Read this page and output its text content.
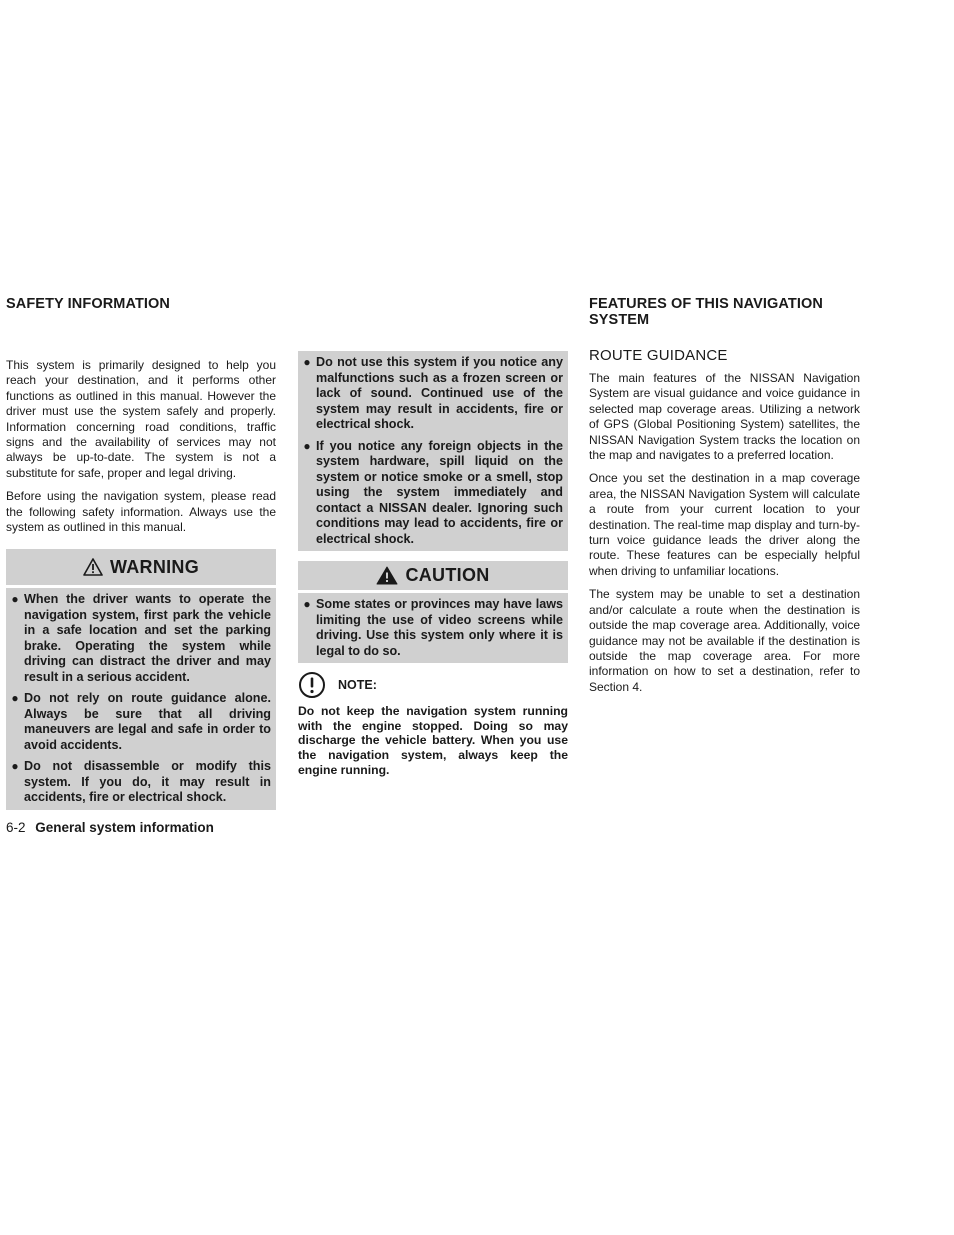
SAFETY INFORMATION

This system is primarily designed to help you reach your destination, and it performs other functions as outlined in this manual. However the driver must use the system safely and properly. Information concerning road conditions, traffic signs and the availability of services may not always be up-to-date. The system is not a substitute for safe, proper and legal driving.

Before using the navigation system, please read the following safety information. Always use the system as outlined in this manual.

WARNING
● When the driver wants to operate the navigation system, first park the vehicle in a safe location and set the parking brake. Operating the system while driving can distract the driver and may result in a serious accident.
● Do not rely on route guidance alone. Always be sure that all driving maneuvers are legal and safe in order to avoid accidents.
● Do not disassemble or modify this system. If you do, it may result in accidents, fire or electrical shock.
● Do not use this system if you notice any malfunctions such as a frozen screen or lack of sound. Continued use of the system may result in accidents, fire or electrical shock.
● If you notice any foreign objects in the system hardware, spill liquid on the system or notice smoke or a smell, stop using the system immediately and contact a NISSAN dealer. Ignoring such conditions may lead to accidents, fire or electrical shock.
CAUTION
● Some states or provinces may have laws limiting the use of video screens while driving. Use this system only where it is legal to do so.
NOTE:
Do not keep the navigation system running with the engine stopped. Doing so may discharge the vehicle battery. When you use the navigation system, always keep the engine running.
FEATURES OF THIS NAVIGATION SYSTEM
ROUTE GUIDANCE

The main features of the NISSAN Navigation System are visual guidance and voice guidance in selected map coverage areas. Utilizing a network of GPS (Global Positioning System) satellites, the NISSAN Navigation System tracks the location on the map and navigates to a preferred location.

Once you set the destination in a map coverage area, the NISSAN Navigation System will calculate a route from your current location to your destination. The real-time map display and turn-by-turn voice guidance leads the driver along the route. These features can be especially helpful when driving to unfamiliar locations.

The system may be unable to set a destination and/or calculate a route when the destination is outside the map coverage area. Additionally, voice guidance may not be available if the destination is outside the map coverage area. For more information on how to set a destination, refer to Section 4.

6-2 General system information
